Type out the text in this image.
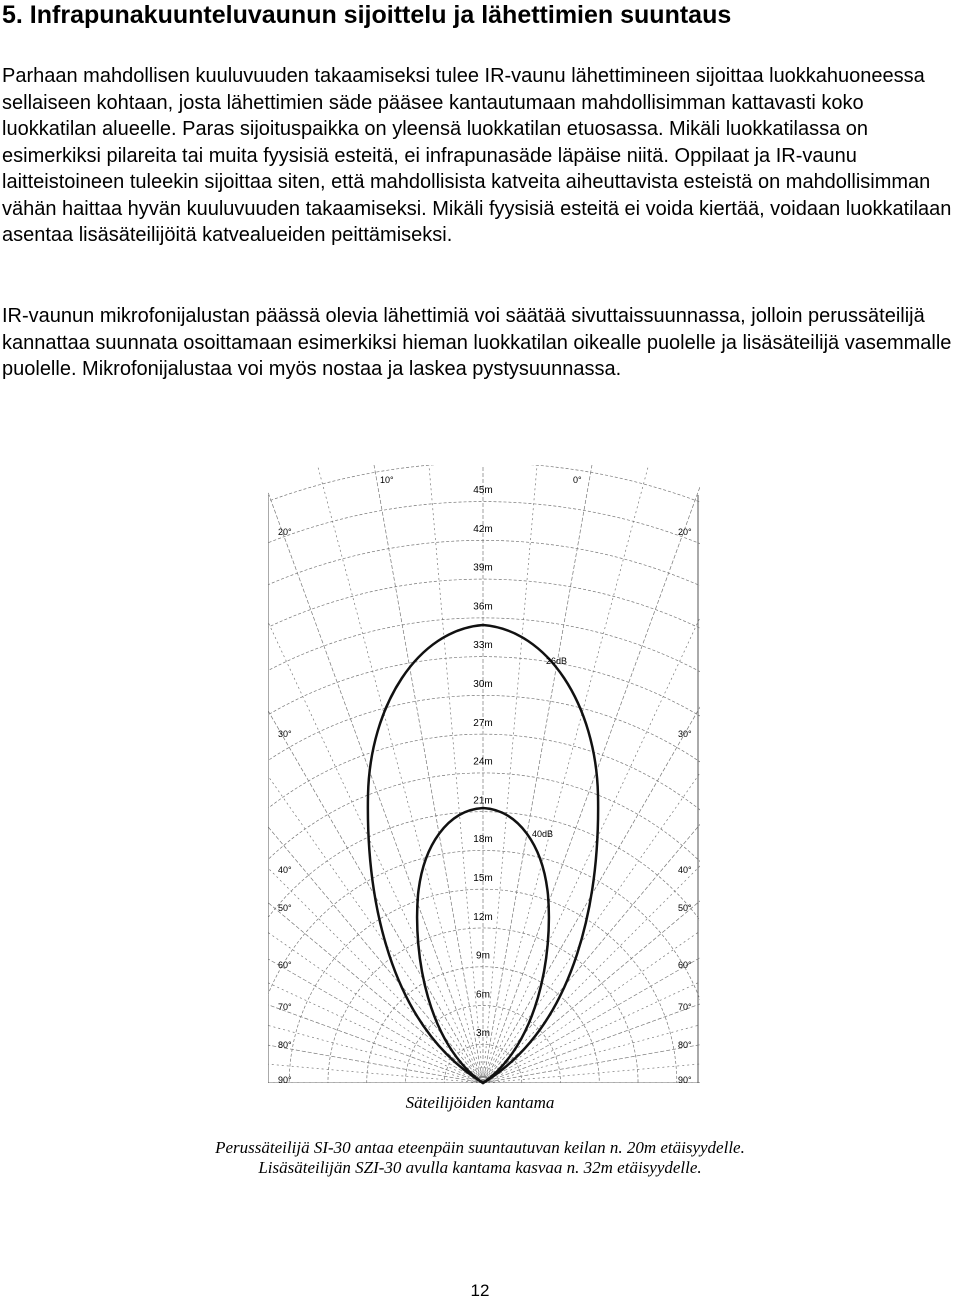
5. Infrapunakuunteluvaunun sijoittelu ja lähettimien suuntaus

Parhaan mahdollisen kuuluvuuden takaamiseksi tulee IR-vaunu lähettimineen sijoittaa luokkahuoneessa sellaiseen kohtaan, josta lähettimien säde pääsee kantautumaan mahdollisimman kattavasti koko luokkatilan alueelle. Paras sijoituspaikka on yleensä luokkatilan etuosassa. Mikäli luokkatilassa on esimerkiksi pilareita tai muita fyysisiä esteitä, ei infrapunasäde läpäise niitä. Oppilaat ja IR-vaunu laitteistoineen tuleekin sijoittaa siten, että mahdollisista katveita aiheuttavista esteistä on mahdollisimman vähän haittaa hyvän kuuluvuuden takaamiseksi. Mikäli fyysisiä esteitä ei voida kiertää, voidaan luokkatilaan asentaa lisäsäteilijöitä katvealueiden peittämiseksi.

IR-vaunun mikrofonijalustan päässä olevia lähettimiä voi säätää sivuttaissuunnassa, jolloin perussäteilijä kannattaa suunnata osoittamaan esimerkiksi hieman luokkatilan oikealle puolelle ja lisäsäteilijä vasemmalle puolelle. Mikrofonijalustaa voi myös nostaa ja laskea pystysuunnassa.

10°
20°
30°
40°
50°
60°
70°
80°
90°
0°
20°
30°
40°
50°
60°
70°
80°
90°
45m
42m
39m
36m
33m
30m
27m
24m
21m
18m
15m
12m
9m
6m
3m
26dB
40dB
Säteilijöiden kantama
Perussäteilijä SI-30 antaa eteenpäin suuntautuvan keilan n. 20m etäisyydelle.
Lisäsäteilijän SZI-30 avulla kantama kasvaa n. 32m etäisyydelle.
12
